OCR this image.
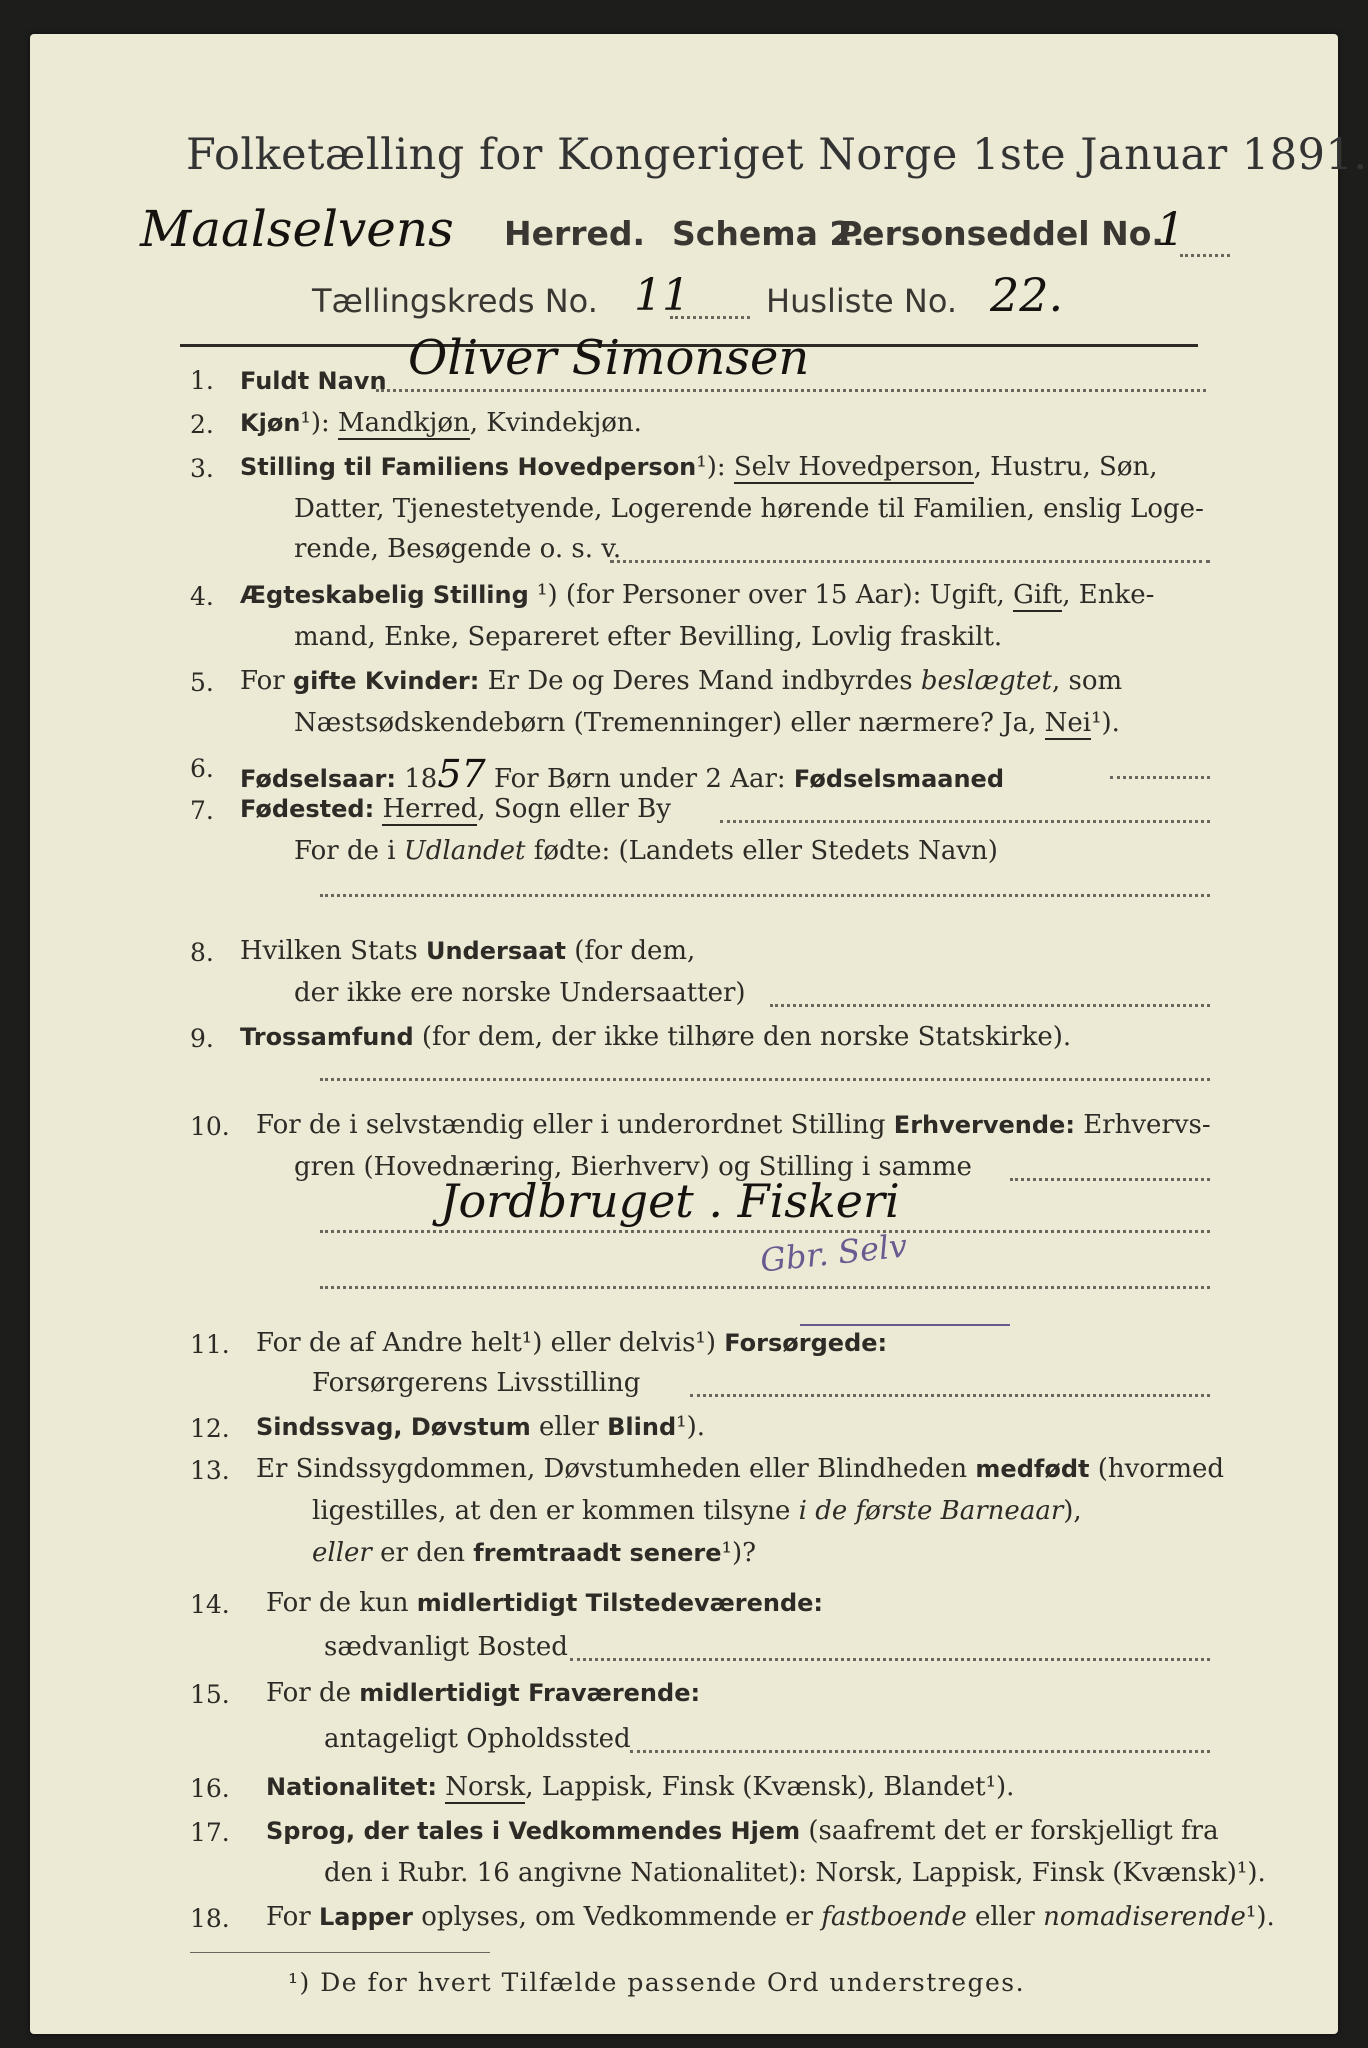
Folketælling for Kongeriget Norge 1ste Januar 1891.
Maalselvens Herred. Schema 2.
Personseddel No.
1
Tællingskreds No. 11 Husliste No. 22.
1. Fuldt Navn Oliver Simonsen
2. Kjøn¹): Mandkjøn, Kvindekjøn.
3. Stilling til Familiens Hovedperson¹): Selv Hovedperson, Hustru, Søn,
Datter, Tjenestetyende, Logerende hørende til Familien, enslig Loge-
rende, Besøgende o. s. v.
4. Ægteskabelig Stilling ¹) (for Personer over 15 Aar): Ugift, Gift, Enke-
mand, Enke, Separeret efter Bevilling, Lovlig fraskilt.
5. For gifte Kvinder: Er De og Deres Mand indbyrdes beslægtet, som
Næstsødskendebørn (Tremenninger) eller nærmere? Ja, Nei¹).
6. Fødselsaar: 1857 For Børn under 2 Aar: Fødselsmaaned
7. Fødested: Herred, Sogn eller By
For de i Udlandet fødte: (Landets eller Stedets Navn)
8. Hvilken Stats Undersaat (for dem,
der ikke ere norske Undersaatter)
9. Trossamfund (for dem, der ikke tilhøre den norske Statskirke).
10. For de i selvstændig eller i underordnet Stilling Erhvervende: Erhvervs-
gren (Hovednæring, Bierhverv) og Stilling i samme
Jordbruget . Fiskeri
Gbr. Selv
11. For de af Andre helt¹) eller delvis¹) Forsørgede:
Forsørgerens Livsstilling
12. Sindssvag, Døvstum eller Blind¹).
13. Er Sindssygdommen, Døvstumheden eller Blindheden medfødt (hvormed
ligestilles, at den er kommen tilsyne i de første Barneaar),
eller er den fremtraadt senere¹)?
14. For de kun midlertidigt Tilstedeværende:
sædvanligt Bosted
15. For de midlertidigt Fraværende:
antageligt Opholdssted
16. Nationalitet: Norsk, Lappisk, Finsk (Kvænsk), Blandet¹).
17. Sprog, der tales i Vedkommendes Hjem (saafremt det er forskjelligt fra
den i Rubr. 16 angivne Nationalitet): Norsk, Lappisk, Finsk (Kvænsk)¹).
18. For Lapper oplyses, om Vedkommende er fastboende eller nomadiserende¹).
¹) De for hvert Tilfælde passende Ord understreges.
